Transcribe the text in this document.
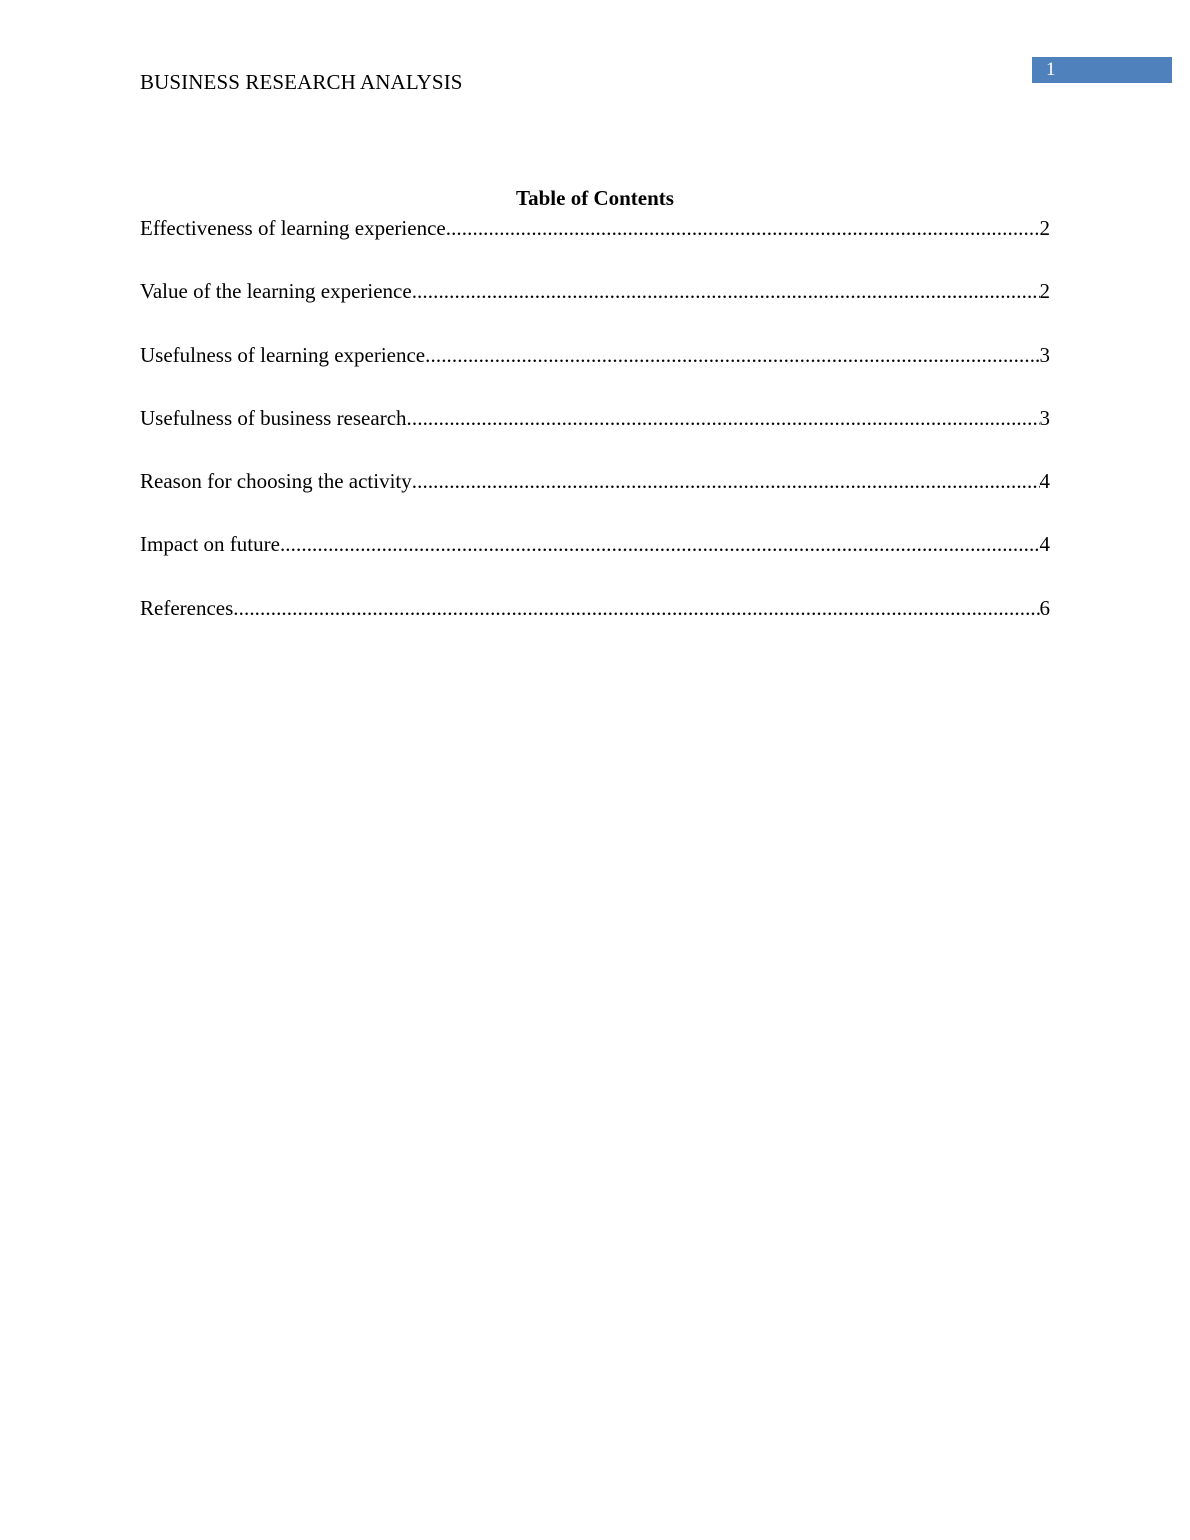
BUSINESS RESEARCH ANALYSIS
1
Table of Contents
Effectiveness of learning experience .....	2
Value of the learning experience .....	2
Usefulness of learning experience .....	3
Usefulness of business research .....	3
Reason for choosing the activity .....	4
Impact on future .....	4
References .....	6
